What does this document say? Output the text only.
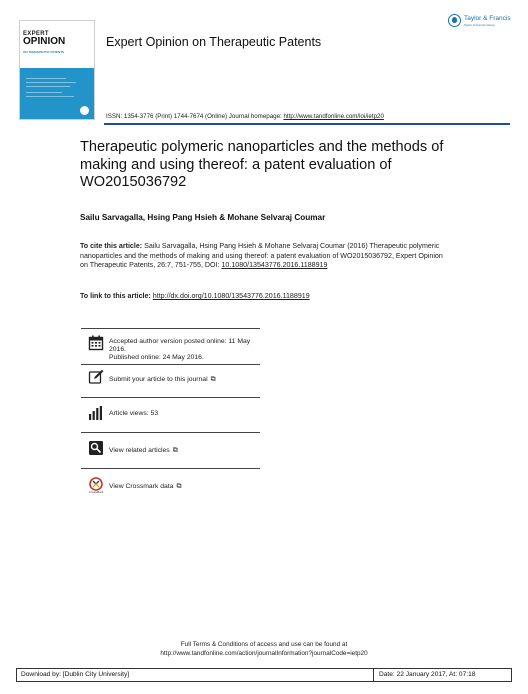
EXPERT
OPINION
ON THERAPEUTIC PATENTS
Expert Opinion on Therapeutic Patents
Taylor & Francis
Taylor & Francis Group
ISSN: 1354-3776 (Print) 1744-7674 (Online) Journal homepage: http://www.tandfonline.com/loi/ietp20
Therapeutic polymeric nanoparticles and the methods of making and using thereof: a patent evaluation of WO2015036792
Sailu Sarvagalla, Hsing Pang Hsieh & Mohane Selvaraj Coumar
To cite this article: Sailu Sarvagalla, Hsing Pang Hsieh & Mohane Selvaraj Coumar (2016) Therapeutic polymeric nanoparticles and the methods of making and using thereof: a patent evaluation of WO2015036792, Expert Opinion on Therapeutic Patents, 26:7, 751-755, DOI: 10.1080/13543776.2016.1188919
To link to this article: http://dx.doi.org/10.1080/13543776.2016.1188919
Accepted author version posted online: 11 May 2016.
Published online: 24 May 2016.
Submit your article to this journal ⧉
Article views: 53
View related articles ⧉
CrossMark
View Crossmark data ⧉
Full Terms & Conditions of access and use can be found at
http://www.tandfonline.com/action/journalInformation?journalCode=ietp20
Download by: [Dublin City University]	Date: 22 January 2017, At: 07:18
